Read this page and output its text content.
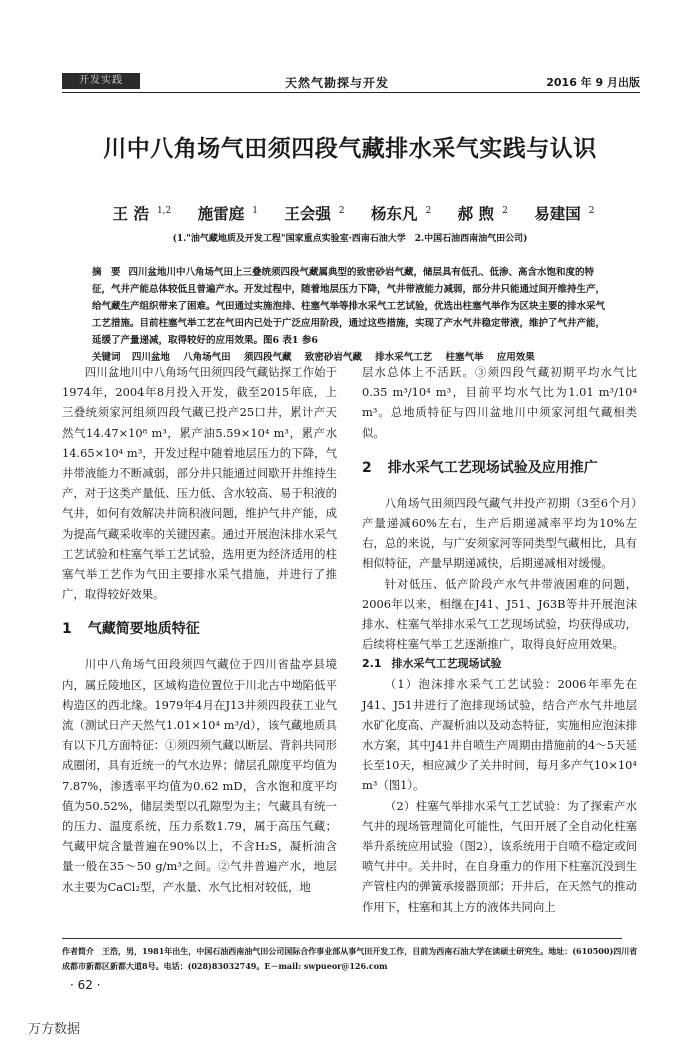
开发实践	天然气勘探与开发	2016 年 9 月出版
川中八角场气田须四段气藏排水采气实践与认识
王 浩 $^{1,2}$ 施雷庭 $^1$ 王会强 $^2$ 杨东凡 $^2$ 郝 煦 $^2$ 易建国 $^2$
(1."油气藏地质及开发工程"国家重点实验室·西南石油大学　2.中国石油西南油气田公司)
摘　要 四川盆地川中八角场气田上三叠统须四段气藏属典型的致密砂岩气藏，储层具有低孔、低渗、高含水饱和度的特征，气井产能总体较低且普遍产水。开发过程中，随着地层压力下降，气井带液能力减弱，部分井只能通过间开维持生产，给气藏生产组织带来了困难。气田通过实施泡排、柱塞气举等排水采气工艺试验，优选出柱塞气举作为区块主要的排水采气工艺措施。目前柱塞气举工艺在气田内已处于广泛应用阶段，通过这些措施，实现了产水气井稳定带液，维护了气井产能，延缓了产量递减，取得较好的应用效果。图6 表1 参6
关键词 四川盆地 八角场气田 须四段气藏 致密砂岩气藏 排水采气工艺 柱塞气举 应用效果

四川盆地川中八角场气田须四段气藏钻探工作始于1974年，2004年8月投入开发，截至2015年底，上三叠统须家河组须四段气藏已投产25口井，累计产天然气14.47×10⁸ m³，累产油5.59×10⁴ m³，累产水14.65×10⁴ m³，开发过程中随着地层压力的下降，气井带液能力不断减弱，部分井只能通过间歇开井维持生产，对于这类产量低、压力低、含水较高、易于积液的气井，如何有效解决井筒积液问题，维护气井产能，成为提高气藏采收率的关键因素。通过开展泡沫排水采气工艺试验和柱塞气举工艺试验，选用更为经济适用的柱塞气举工艺作为气田主要排水采气措施，并进行了推广，取得较好效果。

1 气藏简要地质特征

川中八角场气田段须四气藏位于四川省盐亭县境内，属丘陵地区，区域构造位置位于川北古中坳陷低平构造区的西北缘。1979年4月在J13井须四段获工业气流（测试日产天然气1.01×10⁴ m³/d），该气藏地质具有以下几方面特征：①须四须气藏以断层、背斜共同形成圈闭，具有近统一的气水边界；储层孔隙度平均值为7.87%，渗透率平均值为0.62 mD，含水饱和度平均值为50.52%，储层类型以孔隙型为主；气藏具有统一的压力、温度系统，压力系数1.79，属于高压气藏；气藏甲烷含量普遍在90%以上，不含H₂S，凝析油含量一般在35～50 g/m³之间。②气井普遍产水，地层水主要为CaCl₂型，产水量、水气比相对较低，地

层水总体上不活跃。③须四段气藏初期平均水气比0.35 m³/10⁴ m³，目前平均水气比为1.01 m³/10⁴ m³。总地质特征与四川盆地川中须家河组气藏相类似。

2 排水采气工艺现场试验及应用推广

八角场气田须四段气藏气井投产初期（3至6个月）产量递减60%左右，生产后期递减率平均为10%左右，总的来说，与广安须家河等同类型气藏相比，具有相似特征，产量早期递减快，后期递减相对缓慢。

针对低压、低产阶段产水气井带液困难的问题，2006年以来，相继在J41、J51、J63B等井开展泡沫排水、柱塞气举排水采气工艺现场试验，均获得成功，后续将柱塞气举工艺逐渐推广，取得良好应用效果。

2.1 排水采气工艺现场试验

（1）泡沫排水采气工艺试验：2006年率先在J41、J51井进行了泡排现场试验，结合产水气井地层水矿化度高、产凝析油以及动态特征，实施相应泡沫排水方案，其中J41井自喷生产周期由措施前的4～5天延长至10天，相应减少了关井时间，每月多产气10×10⁴ m³（图1）。

（2）柱塞气举排水采气工艺试验：为了探索产水气井的现场管理简化可能性，气田开展了全自动化柱塞举升系统应用试验（图2），该系统用于自喷不稳定或间喷气井中。关井时，在自身重力的作用下柱塞沉没到生产管柱内的弹簧承接器顶部；开井后，在天然气的推动作用下，柱塞和其上方的液体共同向上

作者简介　 王浩，男，1981年出生，中国石油西南油气田公司国际合作事业部从事气田开发工作，目前为西南石油大学在读硕士研究生。地址：(610500)四川省成都市新都区新都大道8号。电话：(028)83032749。E－mail: swpueor@126.com
· 62 ·
万方数据
